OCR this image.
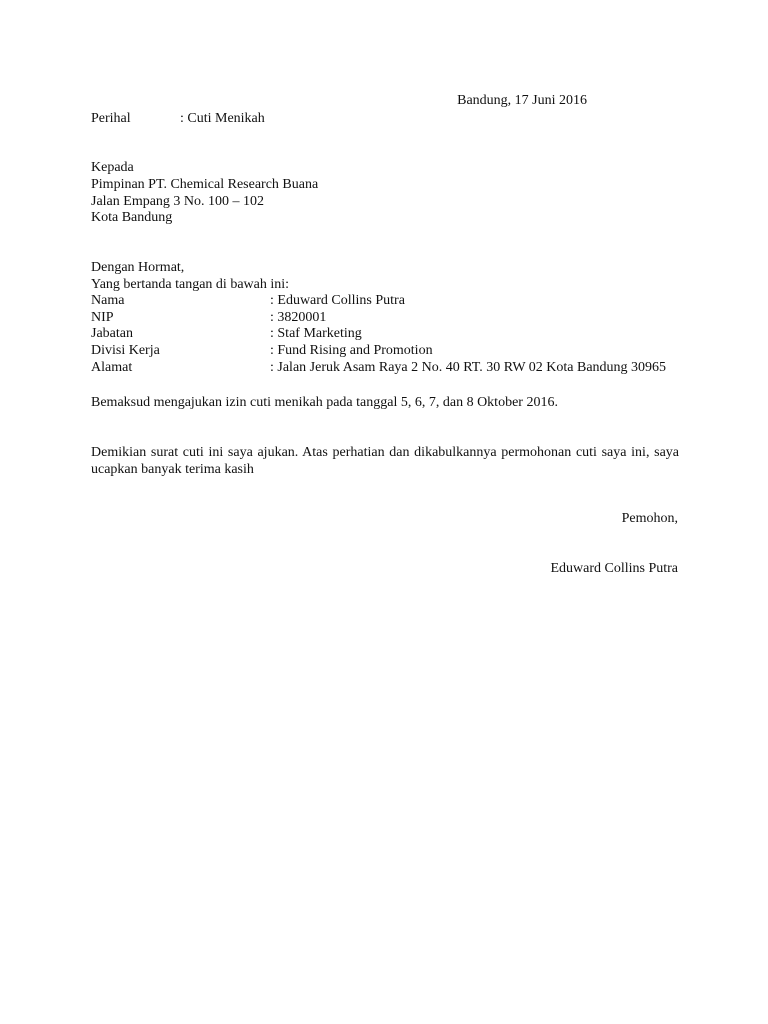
Bandung, 17 Juni 2016
Perihal	: Cuti Menikah
Kepada
Pimpinan PT. Chemical Research Buana
Jalan Empang 3 No. 100 – 102
Kota Bandung
Dengan Hormat,
Yang bertanda tangan di bawah ini:
Nama	: Eduward Collins Putra
NIP	: 3820001
Jabatan	: Staf Marketing
Divisi Kerja	: Fund Rising and Promotion
Alamat	: Jalan Jeruk Asam Raya 2 No. 40 RT. 30 RW 02 Kota Bandung 30965
Bemaksud mengajukan izin cuti menikah pada tanggal 5, 6, 7, dan 8 Oktober 2016.
Demikian surat cuti ini saya ajukan. Atas perhatian dan dikabulkannya permohonan cuti saya ini, saya ucapkan banyak terima kasih
Pemohon,
Eduward Collins Putra
